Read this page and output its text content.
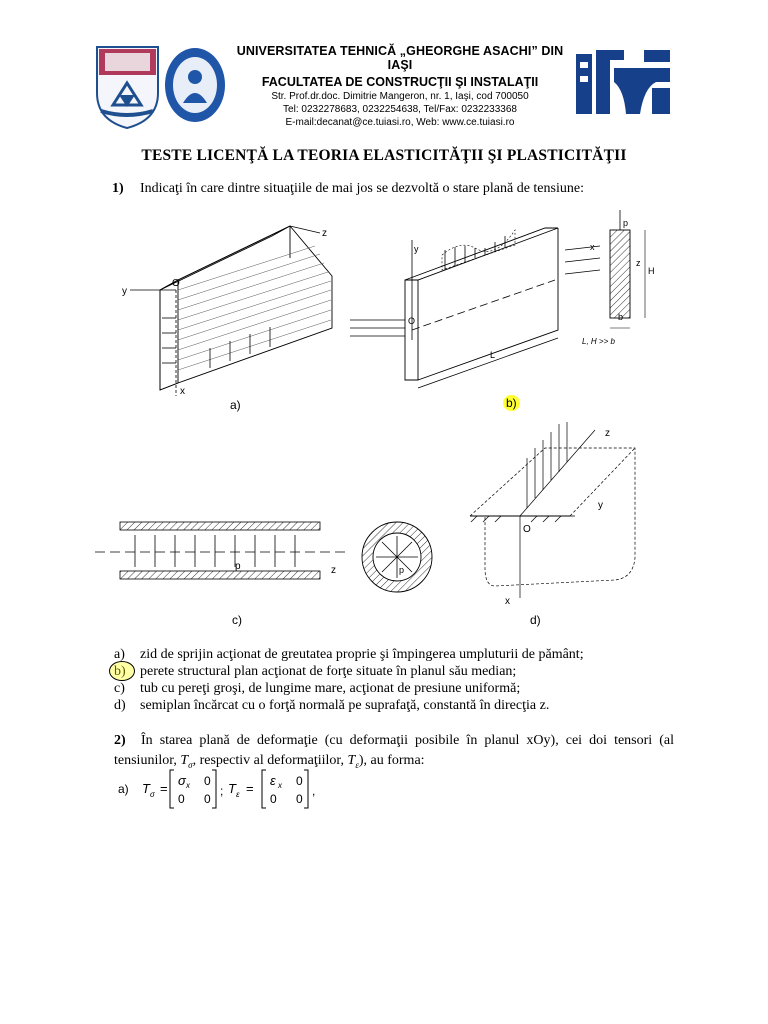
UNIVERSITATEA TEHNICĂ „GHEORGHE ASACHI” DIN IAŞI
FACULTATEA DE CONSTRUCŢII ŞI INSTALAŢII
Str. Prof.dr.doc. Dimitrie Mangeron, nr. 1, Iaşi, cod 700050
Tel: 0232278683, 0232254638, Tel/Fax: 0232233368
E-mail:decanat@ce.tuiasi.ro, Web: www.ce.tuiasi.ro
TESTE LICENŢĂ LA TEORIA ELASTICITĂŢII ŞI PLASTICITĂŢII
1) Indicaţi în care dintre situaţiile de mai jos se dezvoltă o stare plană de tensiune:
y
z
O
x
a)
y	x
O
L
p
z
H
b
L, H >> b
b)
z
p	p
c)
z
y
O
x
d)
a) zid de sprijin acţionat de greutatea proprie şi împingerea umpluturii de pământ;
b) perete structural plan acţionat de forţe situate în planul său median;
c) tub cu pereţi groşi, de lungime mare, acţionat de presiune uniformă;
d) semiplan încărcat cu o forţă normală pe suprafaţă, constantă în direcţia z.
2) În starea plană de deformaţie (cu deformaţii posibile în planul xOy), cei doi tensori (al tensiunilor, $T_\sigma$, respectiv al deformaţiilor, $T_\varepsilon$), au forma:
a) T σ =
σ x 0
0 0
; T ε =
ε x 0
0 0
,
